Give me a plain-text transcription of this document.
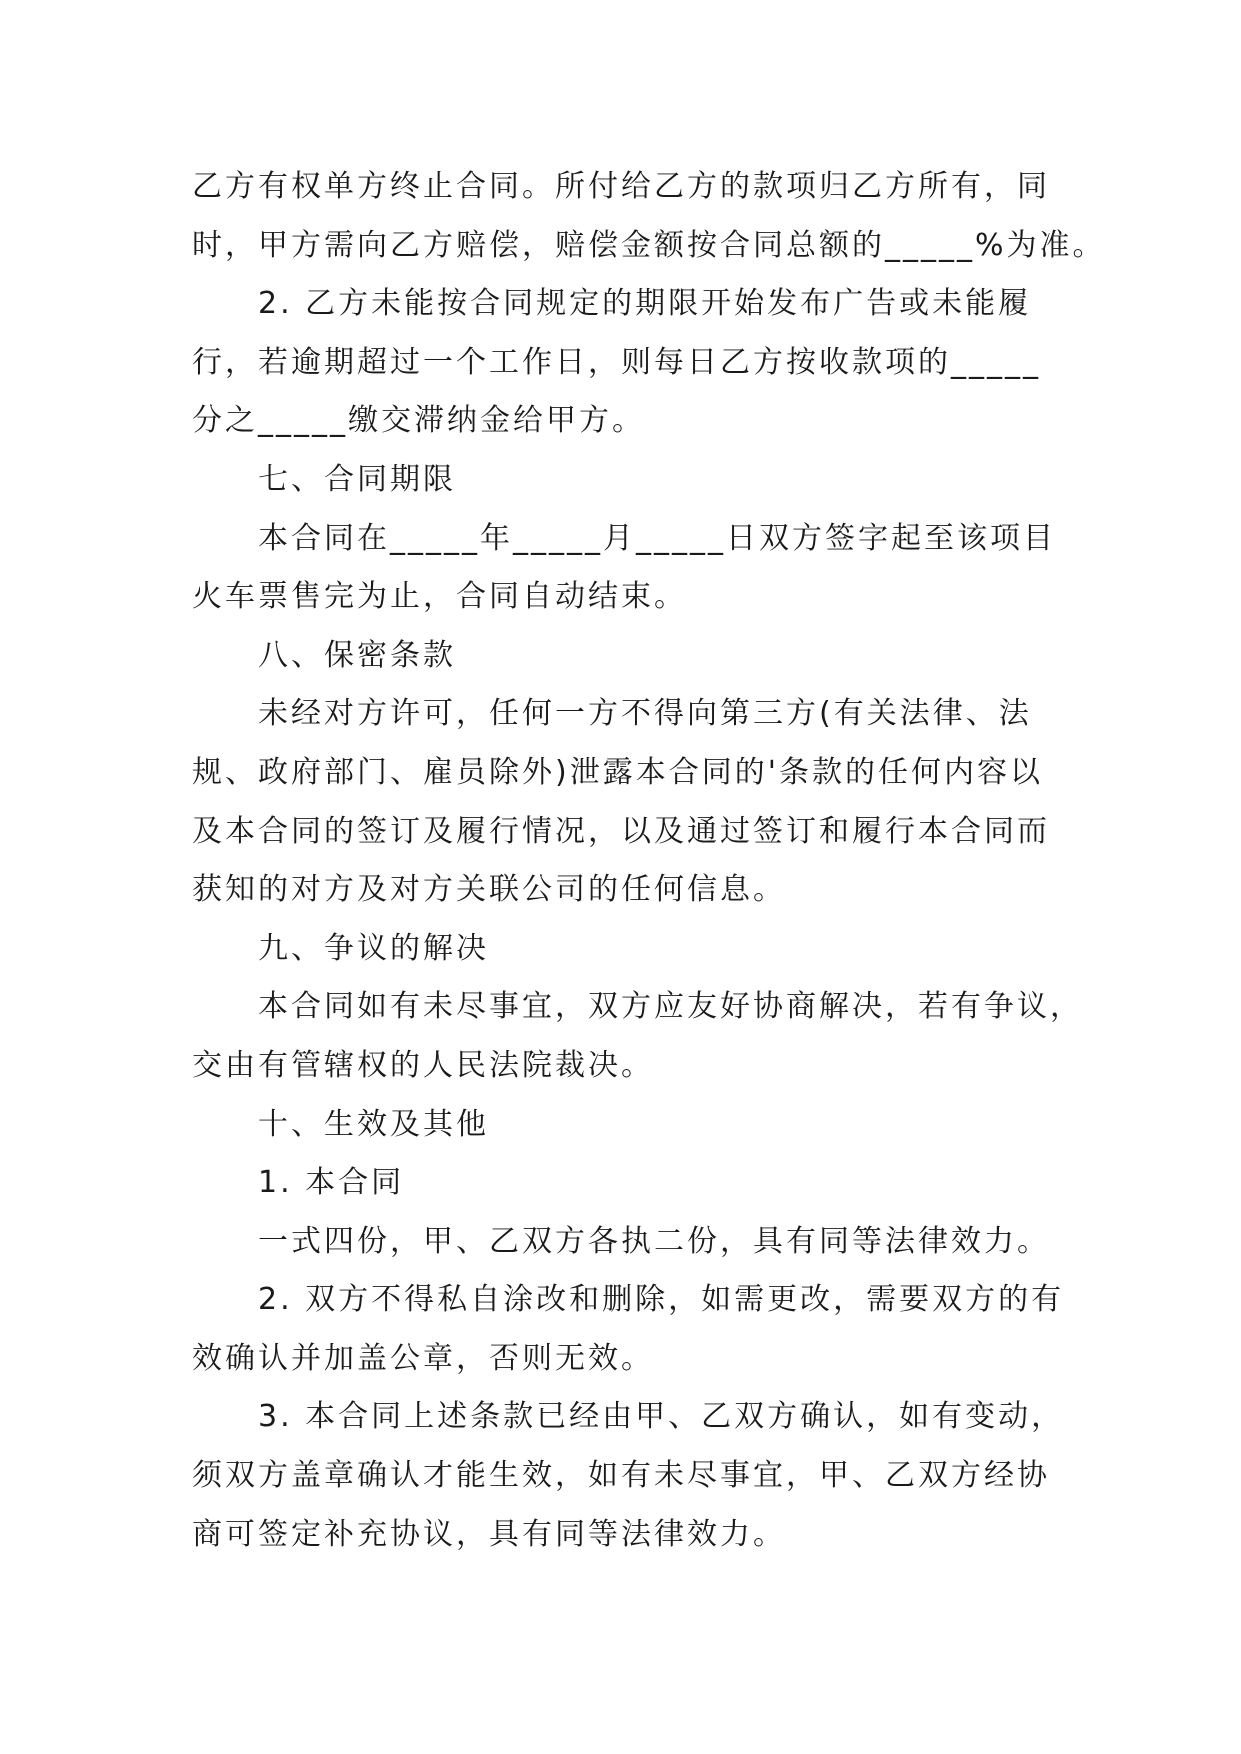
乙方有权单方终止合同。所付给乙方的款项归乙方所有，同

时，甲方需向乙方赔偿，赔偿金额按合同总额的_____%为准。

2. 乙方未能按合同规定的期限开始发布广告或未能履

行，若逾期超过一个工作日，则每日乙方按收款项的_____

分之_____缴交滞纳金给甲方。

七、合同期限

本合同在_____年_____月_____日双方签字起至该项目

火车票售完为止，合同自动结束。

八、保密条款

未经对方许可，任何一方不得向第三方(有关法律、法

规、政府部门、雇员除外)泄露本合同的'条款的任何内容以

及本合同的签订及履行情况，以及通过签订和履行本合同而

获知的对方及对方关联公司的任何信息。

九、争议的解决

本合同如有未尽事宜，双方应友好协商解决，若有争议，

交由有管辖权的人民法院裁决。

十、生效及其他

1. 本合同

一式四份，甲、乙双方各执二份，具有同等法律效力。

2. 双方不得私自涂改和删除，如需更改，需要双方的有

效确认并加盖公章，否则无效。

3. 本合同上述条款已经由甲、乙双方确认，如有变动，

须双方盖章确认才能生效，如有未尽事宜，甲、乙双方经协

商可签定补充协议，具有同等法律效力。
